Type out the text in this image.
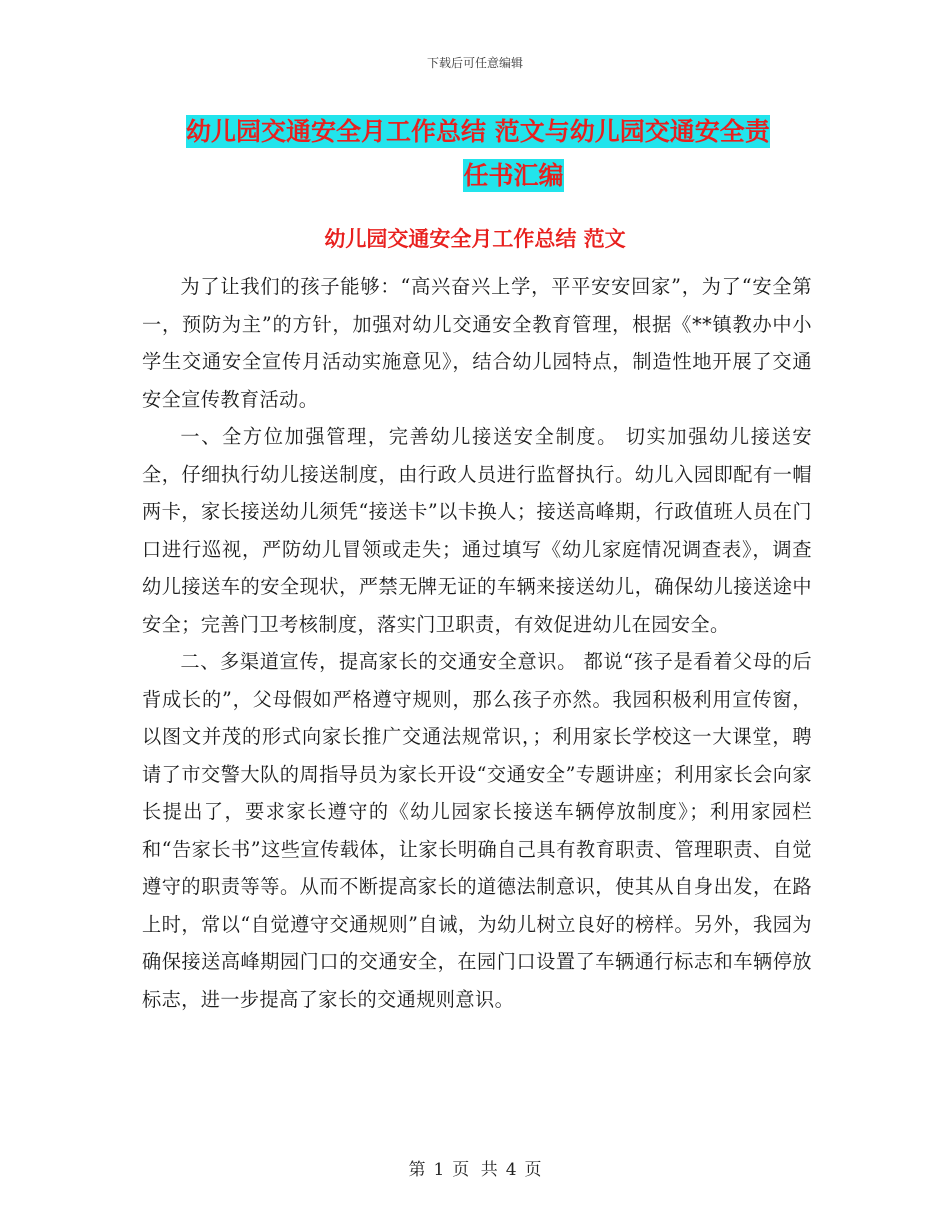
下载后可任意编辑
幼儿园交通安全月工作总结 范文与幼儿园交通安全责
任书汇编
幼儿园交通安全月工作总结 范文

为了让我们的孩子能够：“高兴奋兴上学，平平安安回家”，为了“安全第一，预防为主”的方针，加强对幼儿交通安全教育管理，根据《**镇教办中小学生交通安全宣传月活动实施意见》，结合幼儿园特点，制造性地开展了交通安全宣传教育活动。

一、全方位加强管理，完善幼儿接送安全制度。 切实加强幼儿接送安全，仔细执行幼儿接送制度，由行政人员进行监督执行。幼儿入园即配有一帽两卡，家长接送幼儿须凭“接送卡”以卡换人；接送高峰期，行政值班人员在门口进行巡视，严防幼儿冒领或走失；通过填写《幼儿家庭情况调查表》，调查幼儿接送车的安全现状，严禁无牌无证的车辆来接送幼儿，确保幼儿接送途中安全；完善门卫考核制度，落实门卫职责，有效促进幼儿在园安全。

二、多渠道宣传，提高家长的交通安全意识。 都说“孩子是看着父母的后背成长的”，父母假如严格遵守规则，那么孩子亦然。我园积极利用宣传窗，以图文并茂的形式向家长推广交通法规常识，；利用家长学校这一大课堂，聘请了市交警大队的周指导员为家长开设“交通安全”专题讲座；利用家长会向家长提出了，要求家长遵守的《幼儿园家长接送车辆停放制度》；利用家园栏和“告家长书”这些宣传载体，让家长明确自己具有教育职责、管理职责、自觉遵守的职责等等。从而不断提高家长的道德法制意识，使其从自身出发，在路上时，常以“自觉遵守交通规则”自诫，为幼儿树立良好的榜样。另外，我园为确保接送高峰期园门口的交通安全，在园门口设置了车辆通行标志和车辆停放标志，进一步提高了家长的交通规则意识。

第 1 页 共 4 页
